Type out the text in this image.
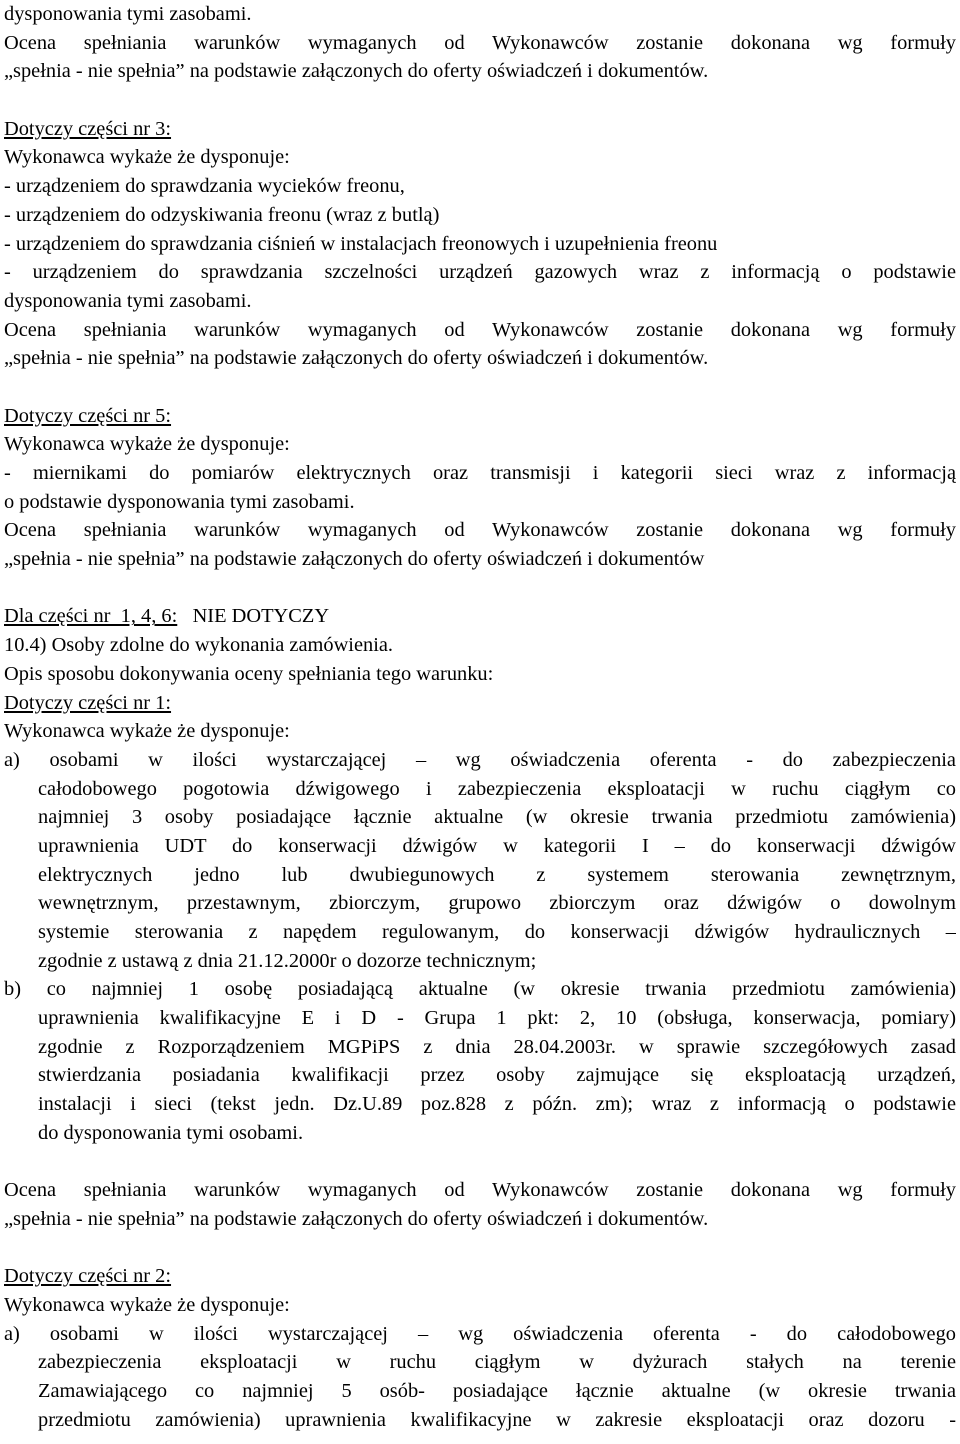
dysponowania tymi zasobami.
Ocena spełniania warunków wymaganych od Wykonawców zostanie dokonana wg formuły
„spełnia - nie spełnia” na podstawie załączonych do oferty oświadczeń i dokumentów.
Dotyczy części nr 3:
Wykonawca wykaże że dysponuje:
- urządzeniem do sprawdzania wycieków freonu,
- urządzeniem do odzyskiwania freonu (wraz z butlą)
- urządzeniem do sprawdzania ciśnień w instalacjach freonowych i uzupełnienia freonu
- urządzeniem do sprawdzania szczelności urządzeń gazowych wraz z informacją o podstawie
dysponowania tymi zasobami.
Ocena spełniania warunków wymaganych od Wykonawców zostanie dokonana wg formuły
„spełnia - nie spełnia” na podstawie załączonych do oferty oświadczeń i dokumentów.
Dotyczy części nr 5:
Wykonawca wykaże że dysponuje:
- miernikami do pomiarów elektrycznych oraz transmisji i kategorii sieci wraz z informacją
o podstawie dysponowania tymi zasobami.
Ocena spełniania warunków wymaganych od Wykonawców zostanie dokonana wg formuły
„spełnia - nie spełnia” na podstawie załączonych do oferty oświadczeń i dokumentów
Dla części nr  1, 4, 6: NIE DOTYCZY
10.4) Osoby zdolne do wykonania zamówienia.
Opis sposobu dokonywania oceny spełniania tego warunku:
Dotyczy części nr 1:
Wykonawca wykaże że dysponuje:
a) osobami w ilości wystarczającej – wg oświadczenia oferenta - do zabezpieczenia
całodobowego pogotowia dźwigowego i zabezpieczenia eksploatacji w ruchu ciągłym co
najmniej 3 osoby posiadające łącznie aktualne (w okresie trwania przedmiotu zamówienia)
uprawnienia UDT do konserwacji dźwigów w kategorii I – do konserwacji dźwigów
elektrycznych jedno lub dwubiegunowych z systemem sterowania zewnętrznym,
wewnętrznym, przestawnym, zbiorczym, grupowo zbiorczym oraz dźwigów o dowolnym
systemie sterowania z napędem regulowanym, do konserwacji dźwigów hydraulicznych –
zgodnie z ustawą z dnia 21.12.2000r o dozorze technicznym;
b) co najmniej 1 osobę posiadającą aktualne (w okresie trwania przedmiotu zamówienia)
uprawnienia kwalifikacyjne E i D - Grupa 1 pkt: 2, 10 (obsługa, konserwacja, pomiary)
zgodnie z Rozporządzeniem MGPiPS z dnia 28.04.2003r. w sprawie szczegółowych zasad
stwierdzania posiadania kwalifikacji przez osoby zajmujące się eksploatacją urządzeń,
instalacji i sieci (tekst jedn. Dz.U.89 poz.828 z późn. zm); wraz z informacją o podstawie
do dysponowania tymi osobami.
Ocena spełniania warunków wymaganych od Wykonawców zostanie dokonana wg formuły
„spełnia - nie spełnia” na podstawie załączonych do oferty oświadczeń i dokumentów.
Dotyczy części nr 2:
Wykonawca wykaże że dysponuje:
a) osobami w ilości wystarczającej – wg oświadczenia oferenta - do całodobowego
zabezpieczenia eksploatacji w ruchu ciągłym w dyżurach stałych na terenie
Zamawiającego co najmniej 5 osób- posiadające łącznie aktualne (w okresie trwania
przedmiotu zamówienia) uprawnienia kwalifikacyjne w zakresie eksploatacji oraz dozoru -
